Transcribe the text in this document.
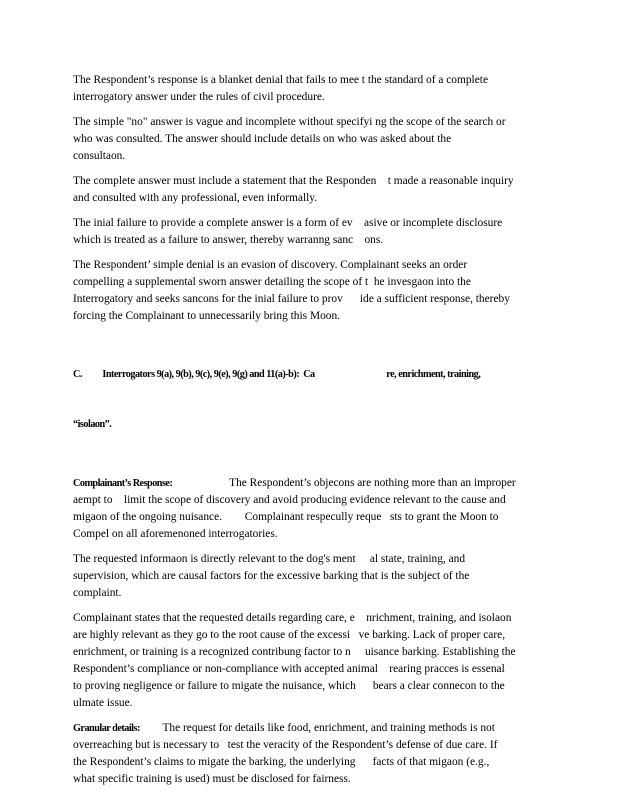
The Respondent’s response is a blanket denial that fails to mee t the standard of a complete
interrogatory answer under the rules of civil procedure.

The simple "no" answer is vague and incomplete without specifyi ng the scope of the search or
who was consulted. The answer should include details on who was asked about the
consultaon.

The complete answer must include a statement that the Responden    t made a reasonable inquiry
and consulted with any professional, even informally.

The inial failure to provide a complete answer is a form of ev    asive or incomplete disclosure
which is treated as a failure to answer, thereby warranng sanc    ons.

The Respondent’ simple denial is an evasion of discovery. Complainant seeks an order
compelling a supplemental sworn answer detailing the scope of t  he invesgaon into the
Interrogatory and seeks sancons for the inial failure to prov      ide a sufficient response, thereby
forcing the Complainant to unnecessarily bring this Moon.

C.          Interrogators 9(a), 9(b), 9(c), 9(e), 9(g) and 11(a)-b):  Ca                                   re, enrichment, training,

“isolaon”.

Complainant’s Response:	The Respondent’s objecons are nothing more than an improper
aempt to    limit the scope of discovery and avoid producing evidence relevant to the cause and
migaon of the ongoing nuisance.        Complainant respecully reque   sts to grant the Moon to
Compel on all aforemenoned interrogatories.

The requested informaon is directly relevant to the dog's ment     al state, training, and
supervision, which are causal factors for the excessive barking that is the subject of the
complaint.

Complainant states that the requested details regarding care, e    nrichment, training, and isolaon
are highly relevant as they go to the root cause of the excessi   ve barking. Lack of proper care,
enrichment, or training is a recognized contribung factor to n     uisance barking. Establishing the
Respondent’s compliance or non-compliance with accepted animal    rearing pracces is essenal
to proving negligence or failure to migate the nuisance, which      bears a clear connecon to the
ulmate issue.

Granular details:        The request for details like food, enrichment, and training methods is not
overreaching but is necessary to   test the veracity of the Respondent’s defense of due care. If
the Respondent’s claims to migate the barking, the underlying      facts of that migaon (e.g.,
what specific training is used) must be disclosed for fairness.
